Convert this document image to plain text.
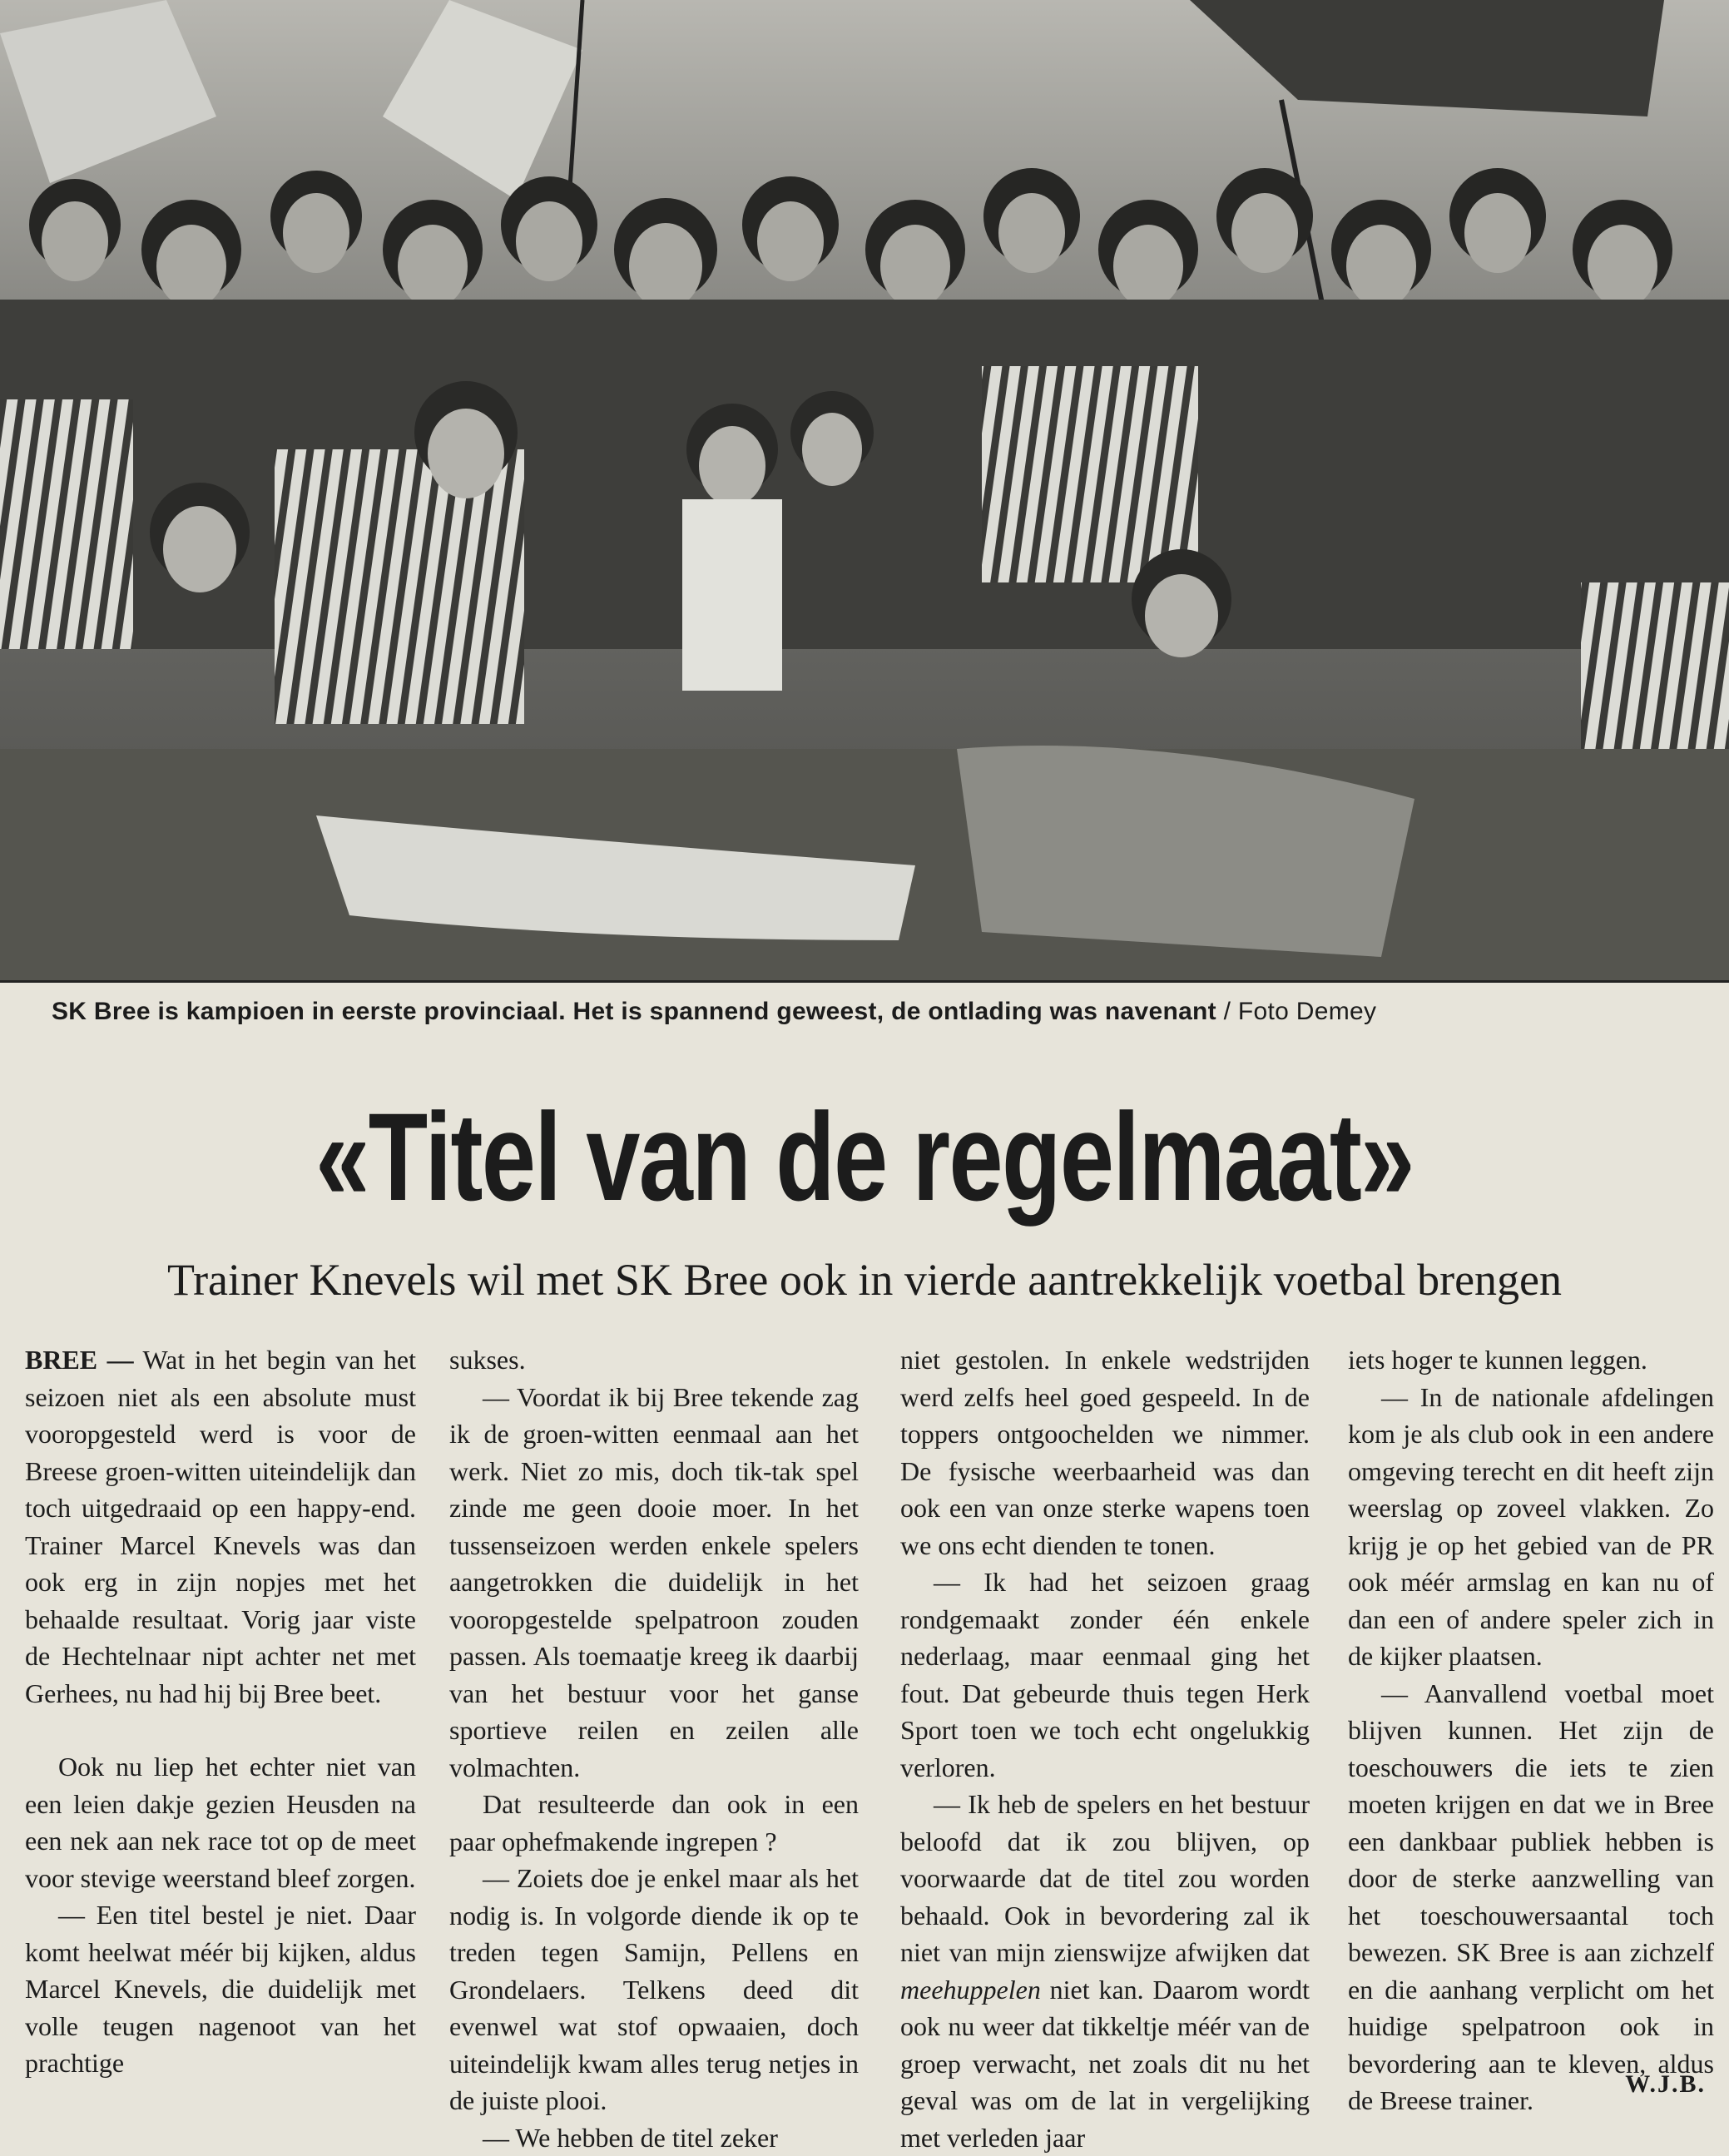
SK Bree is kampioen in eerste provinciaal. Het is spannend geweest, de ontlading was navenant / Foto Demey
«Titel van de regelmaat»
Trainer Knevels wil met SK Bree ook in vierde aantrekkelijk voetbal brengen

BREE — Wat in het begin van het seizoen niet als een absolute must vooropgesteld werd is voor de Breese groen-witten uiteindelijk dan toch uitgedraaid op een happy-end. Trainer Marcel Knevels was dan ook erg in zijn nopjes met het behaalde resultaat. Vorig jaar viste de Hechtelnaar nipt achter net met Gerhees, nu had hij bij Bree beet.

Ook nu liep het echter niet van een leien dakje gezien Heusden na een nek aan nek race tot op de meet voor stevige weerstand bleef zorgen.

— Een titel bestel je niet. Daar komt heelwat méér bij kijken, aldus Marcel Knevels, die duidelijk met volle teugen nagenoot van het prachtige

sukses.

— Voordat ik bij Bree tekende zag ik de groen-witten eenmaal aan het werk. Niet zo mis, doch tik-tak spel zinde me geen dooie moer. In het tussenseizoen werden enkele spelers aangetrokken die duidelijk in het vooropgestelde spelpatroon zouden passen. Als toemaatje kreeg ik daarbij van het bestuur voor het ganse sportieve reilen en zeilen alle volmachten.

Dat resulteerde dan ook in een paar ophefmakende ingrepen ?

— Zoiets doe je enkel maar als het nodig is. In volgorde diende ik op te treden tegen Samijn, Pellens en Grondelaers. Telkens deed dit evenwel wat stof opwaaien, doch uiteindelijk kwam alles terug netjes in de juiste plooi.

— We hebben de titel zeker

niet gestolen. In enkele wedstrijden werd zelfs heel goed gespeeld. In de toppers ontgoochelden we nimmer. De fysische weerbaarheid was dan ook een van onze sterke wapens toen we ons echt dienden te tonen.

— Ik had het seizoen graag rondgemaakt zonder één enkele nederlaag, maar eenmaal ging het fout. Dat gebeurde thuis tegen Herk Sport toen we toch echt ongelukkig verloren.

— Ik heb de spelers en het bestuur beloofd dat ik zou blijven, op voorwaarde dat de titel zou worden behaald. Ook in bevordering zal ik niet van mijn zienswijze afwijken dat meehuppelen niet kan. Daarom wordt ook nu weer dat tikkeltje méér van de groep verwacht, net zoals dit nu het geval was om de lat in vergelijking met verleden jaar

iets hoger te kunnen leggen.

— In de nationale afdelingen kom je als club ook in een andere omgeving terecht en dit heeft zijn weerslag op zoveel vlakken. Zo krijg je op het gebied van de PR ook méér armslag en kan nu of dan een of andere speler zich in de kijker plaatsen.

— Aanvallend voetbal moet blijven kunnen. Het zijn de toeschouwers die iets te zien moeten krijgen en dat we in Bree een dankbaar publiek hebben is door de sterke aanzwelling van het toeschouwersaantal toch bewezen. SK Bree is aan zichzelf en die aanhang verplicht om het huidige spelpatroon ook in bevordering aan te kleven, aldus de Breese trainer.

W.J.B.
